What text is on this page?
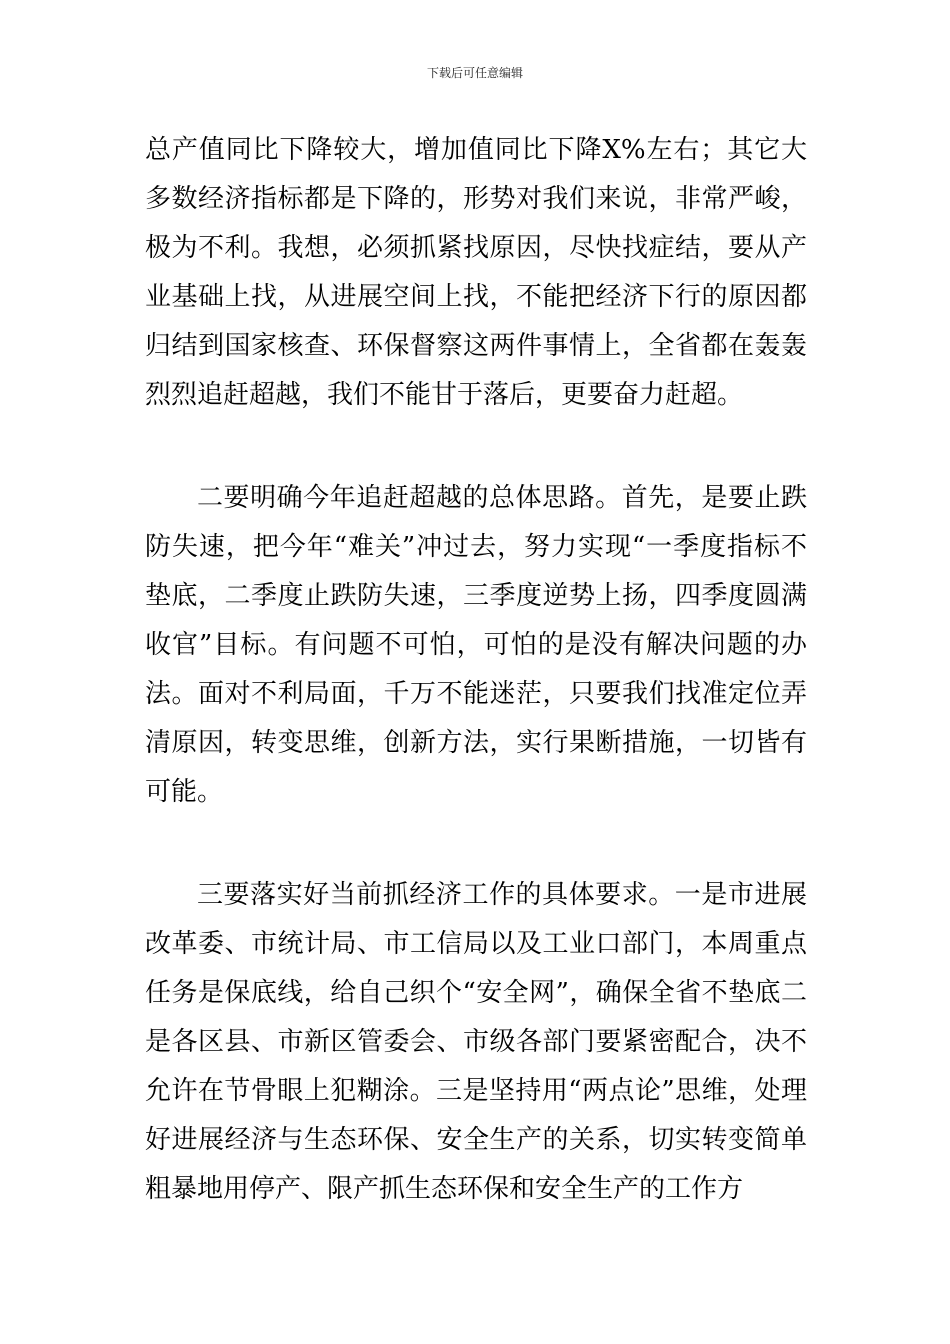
下载后可任意编辑

总产值同比下降较大，增加值同比下降X%左右；其它大多数经济指标都是下降的，形势对我们来说，非常严峻，极为不利。我想，必须抓紧找原因，尽快找症结，要从产业基础上找，从进展空间上找，不能把经济下行的原因都归结到国家核查、环保督察这两件事情上，全省都在轰轰烈烈追赶超越，我们不能甘于落后，更要奋力赶超。

二要明确今年追赶超越的总体思路。首先，是要止跌防失速，把今年“难关”冲过去，努力实现“一季度指标不垫底，二季度止跌防失速，三季度逆势上扬，四季度圆满收官”目标。有问题不可怕，可怕的是没有解决问题的办法。面对不利局面，千万不能迷茫，只要我们找准定位弄清原因，转变思维，创新方法，实行果断措施，一切皆有可能。

三要落实好当前抓经济工作的具体要求。一是市进展改革委、市统计局、市工信局以及工业口部门，本周重点任务是保底线，给自己织个“安全网”，确保全省不垫底二是各区县、市新区管委会、市级各部门要紧密配合，决不允许在节骨眼上犯糊涂。三是坚持用“两点论”思维，处理好进展经济与生态环保、安全生产的关系，切实转变简单粗暴地用停产、限产抓生态环保和安全生产的工作方
